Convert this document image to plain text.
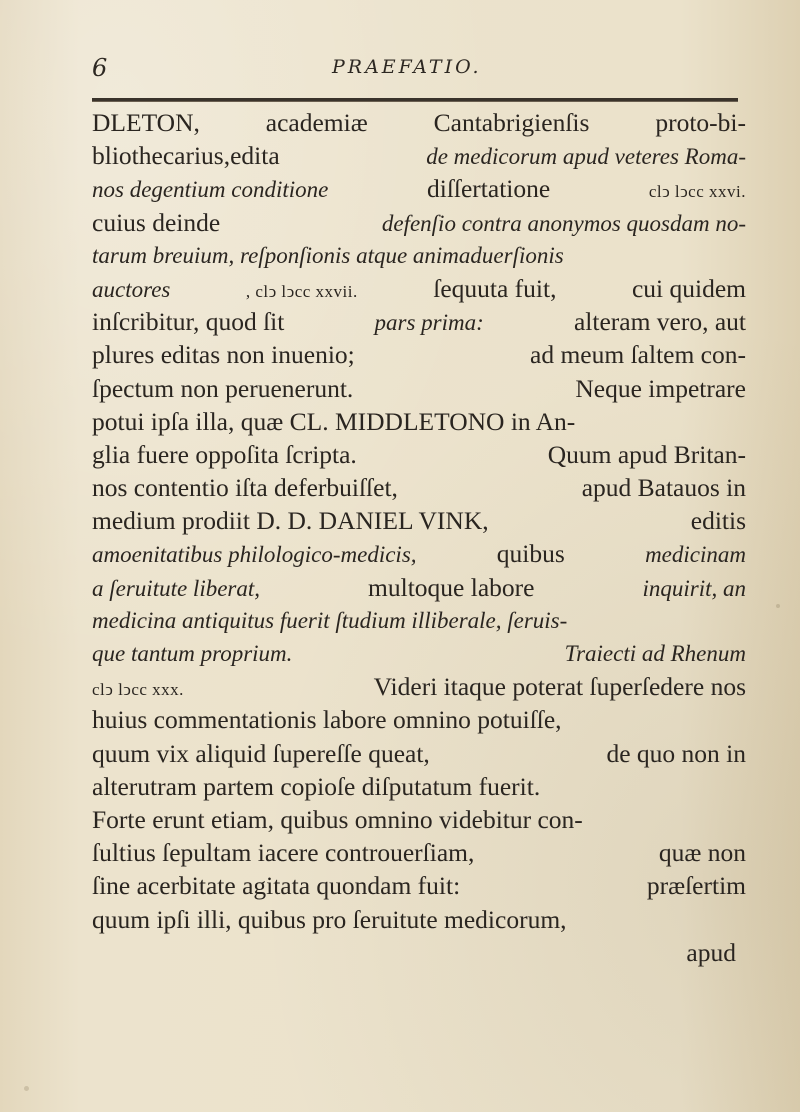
6	PRAEFATIO.
DLETON,	academiæ	Cantabrigienſis	proto-bi-
bliothecarius,edita	de medicorum apud veteres Roma-
nos degentium conditione	diſſertatione	clↄ lↄcc xxvi.
cuius deinde	defenſio contra anonymos quosdam no-
tarum breuium, reſponſionis atque animaduerſionis
auctores	, clↄ lↄcc xxvii.	ſequuta fuit,	cui quidem
inſcribitur, quod ſit	pars prima:	alteram vero, aut
plures editas non inuenio;	ad meum ſaltem con-
ſpectum non peruenerunt.	Neque impetrare
potui ipſa illa, quæ CL. MIDDLETONO in An-
glia fuere oppoſita ſcripta.	Quum apud Britan-
nos contentio iſta deferbuiſſet,	apud Batauos in
medium prodiit D. D. DANIEL VINK,	editis
amoenitatibus philologico-medicis,	quibus	medicinam
a ſeruitute liberat,	multoque labore	inquirit, an
medicina antiquitus fuerit ſtudium illiberale, ſeruis-
que tantum proprium.	Traiecti ad Rhenum
clↄ lↄcc xxx.	Videri itaque poterat ſuperſedere nos
huius commentationis labore omnino potuiſſe,
quum vix aliquid ſupereſſe queat,	de quo non in
alterutram partem copioſe diſputatum fuerit.
Forte erunt etiam, quibus omnino videbitur con-
ſultius ſepultam iacere controuerſiam,	quæ non
ſine acerbitate agitata quondam fuit:	præſertim
quum ipſi illi, quibus pro ſeruitute medicorum,
apud
